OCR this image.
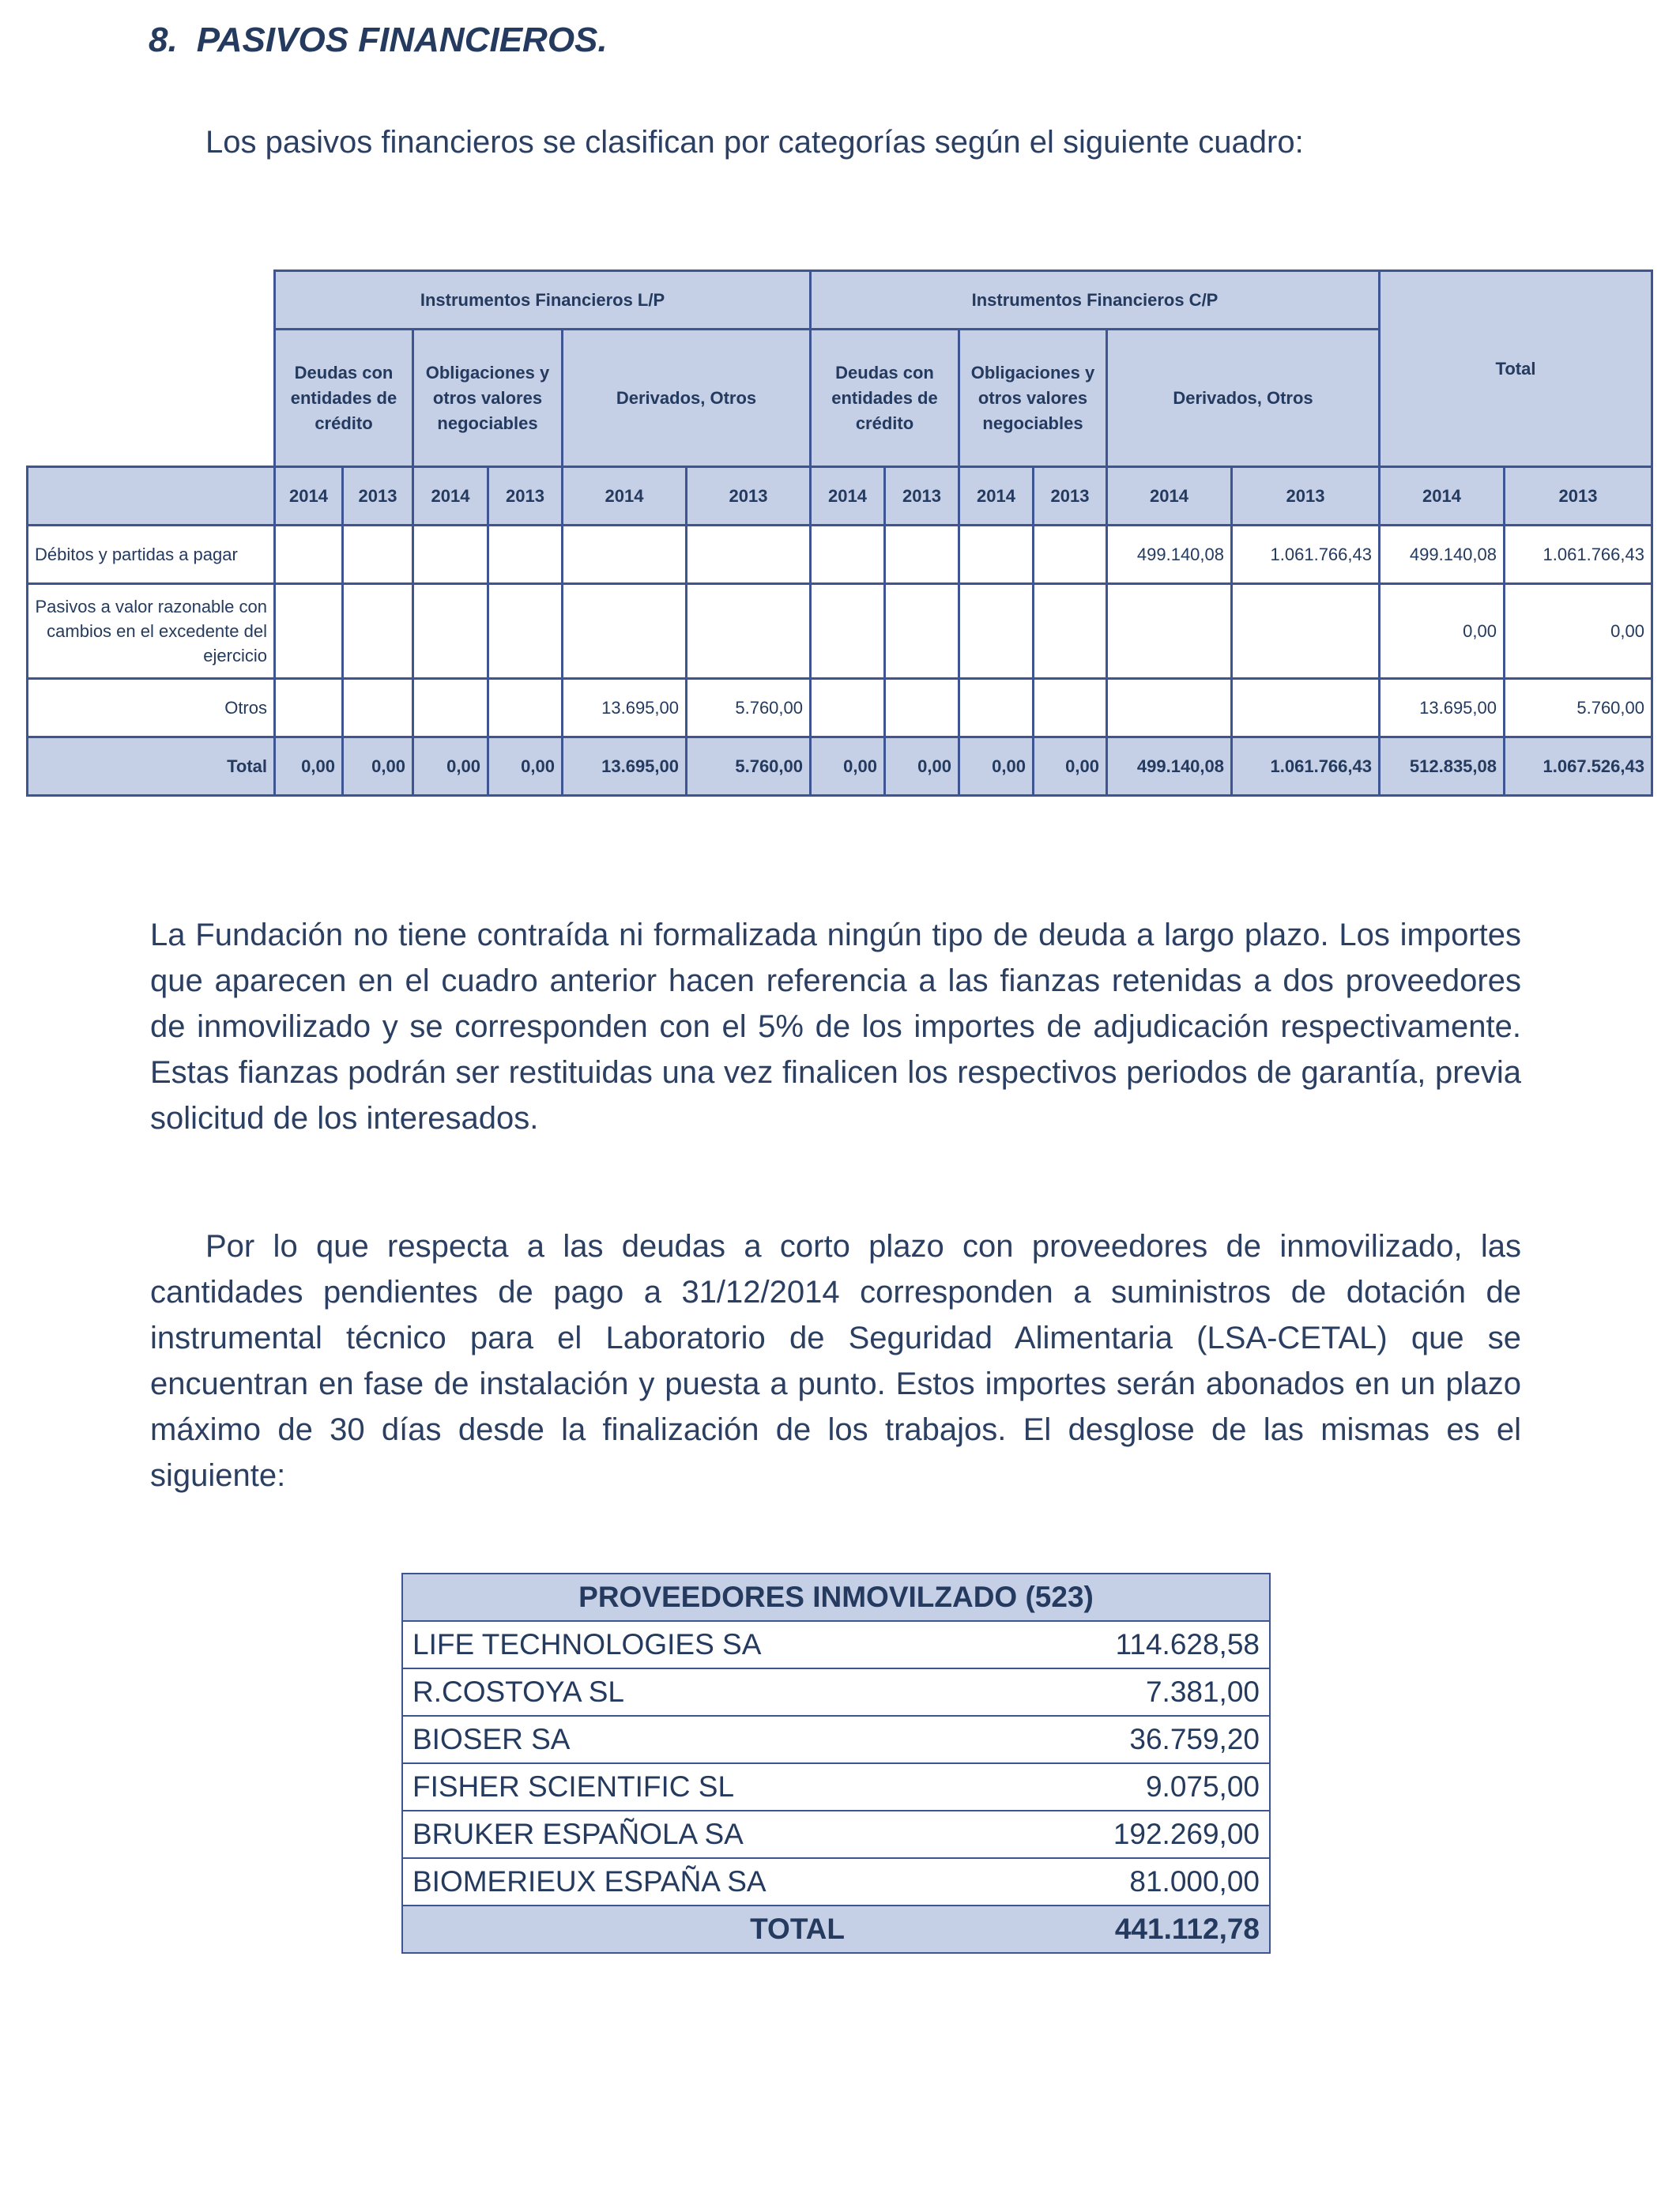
8. PASIVOS FINANCIEROS.

Los pasivos financieros se clasifican por categorías según el siguiente cuadro:

	Instrumentos Financieros L/P						Instrumentos Financieros C/P						Total	
	Deudas con entidades de crédito		Obligaciones y otros valores negociables		Derivados, Otros		Deudas con entidades de crédito		Obligaciones y otros valores negociables		Derivados, Otros			
	2014	2013	2014	2013	2014	2013	2014	2013	2014	2013	2014	2013	2014	2013
Débitos y partidas a pagar											499.140,08	1.061.766,43	499.140,08	1.061.766,43
Pasivos a valor razonable con cambios en el excedente del ejercicio													0,00	0,00
Otros					13.695,00	5.760,00							13.695,00	5.760,00
Total	0,00	0,00	0,00	0,00	13.695,00	5.760,00	0,00	0,00	0,00	0,00	499.140,08	1.061.766,43	512.835,08	1.067.526,43

La Fundación no tiene contraída ni formalizada ningún tipo de deuda a largo plazo. Los importes que aparecen en el cuadro anterior hacen referencia a las fianzas retenidas a dos proveedores de inmovilizado y se corresponden con el 5% de los importes de adjudicación respectivamente. Estas fianzas podrán ser restituidas una vez finalicen los respectivos periodos de garantía, previa solicitud de los interesados.

Por lo que respecta a las deudas a corto plazo con proveedores de inmovilizado, las cantidades pendientes de pago a 31/12/2014 corresponden a suministros de dotación de instrumental técnico para el Laboratorio de Seguridad Alimentaria (LSA-CETAL) que se encuentran en fase de instalación y puesta a punto. Estos importes serán abonados en un plazo máximo de 30 días desde la finalización de los trabajos. El desglose de las mismas es el siguiente:

PROVEEDORES INMOVILZADO (523)	
LIFE TECHNOLOGIES SA	114.628,58
R.COSTOYA SL	7.381,00
BIOSER SA	36.759,20
FISHER SCIENTIFIC SL	9.075,00
BRUKER ESPAÑOLA SA	192.269,00
BIOMERIEUX ESPAÑA SA	81.000,00
TOTAL	441.112,78
